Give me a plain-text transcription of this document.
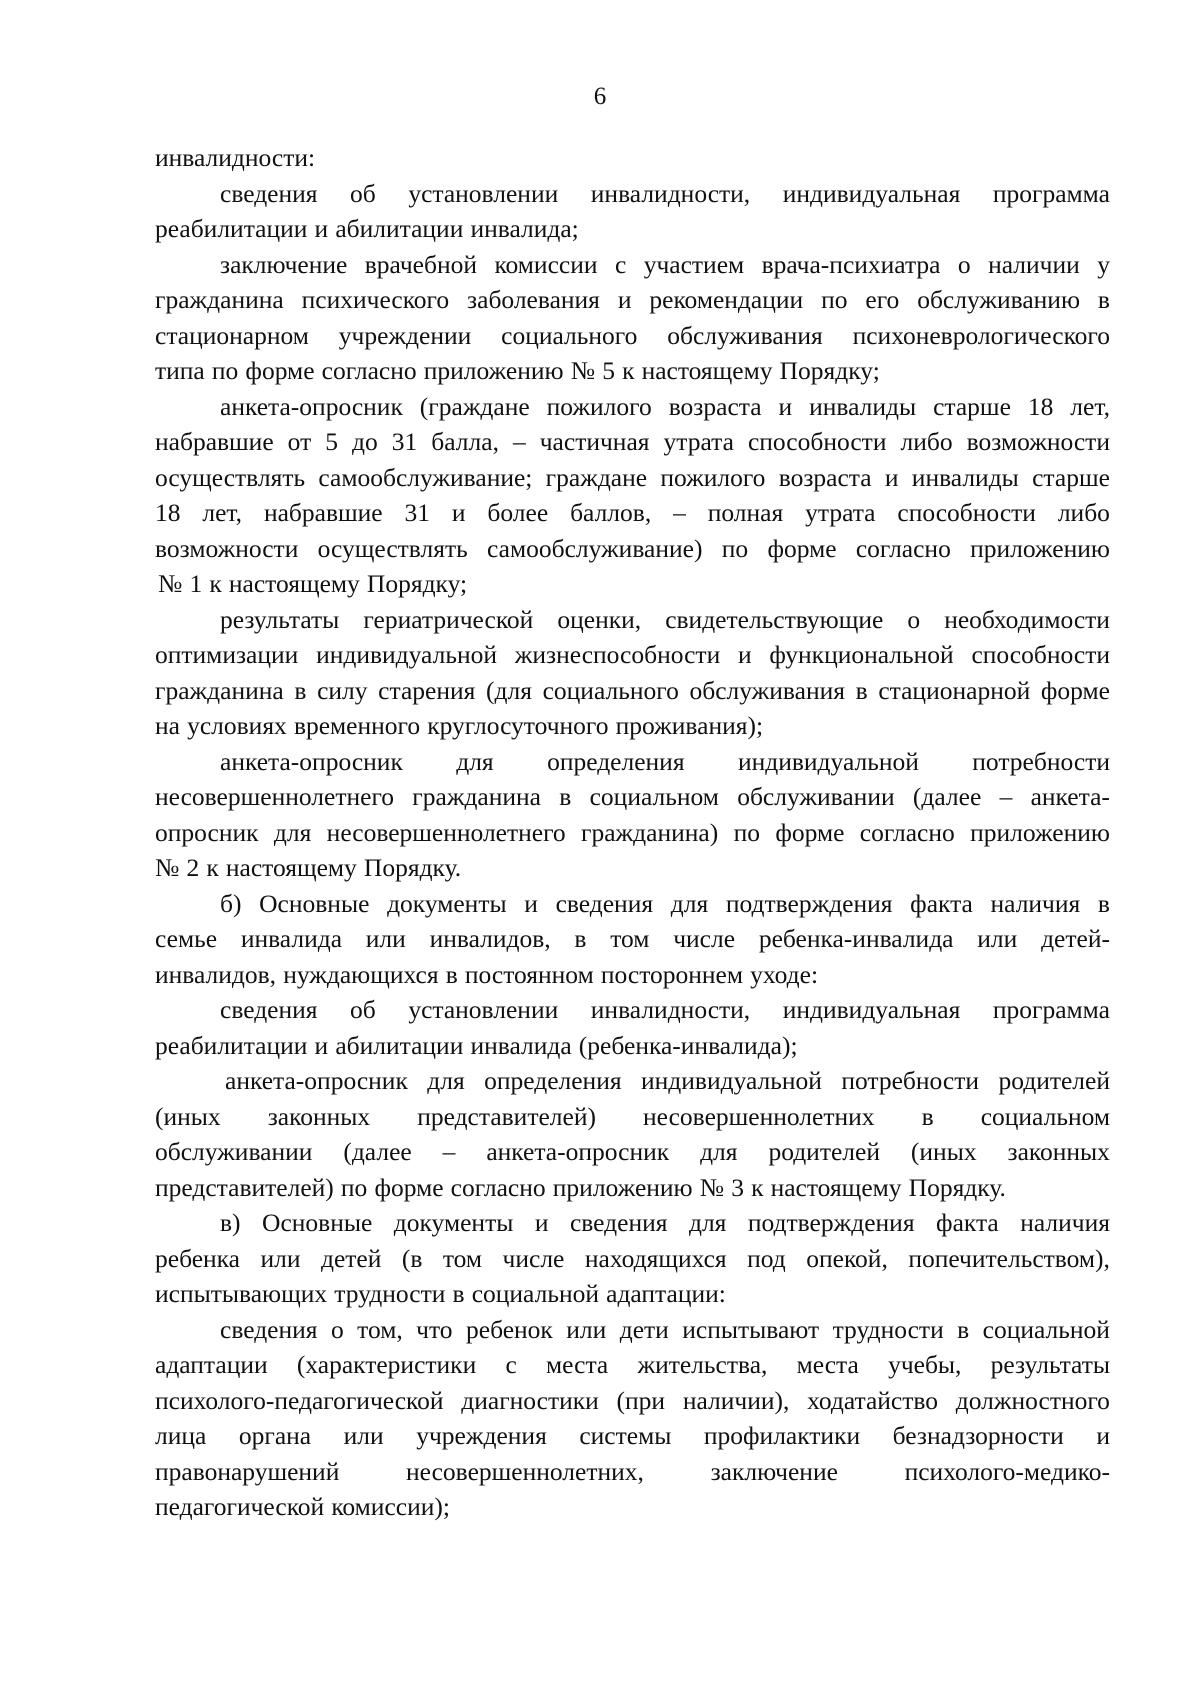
6
инвалидности:
сведения об установлении инвалидности, индивидуальная программа
реабилитации и абилитации инвалида;
заключение врачебной комиссии с участием врача-психиатра о наличии у
гражданина психического заболевания и рекомендации по его обслуживанию в
стационарном учреждении социального обслуживания психоневрологического
типа по форме согласно приложению № 5 к настоящему Порядку;
анкета-опросник (граждане пожилого возраста и инвалиды старше 18 лет,
набравшие от 5 до 31 балла, – частичная утрата способности либо возможности
осуществлять самообслуживание; граждане пожилого возраста и инвалиды старше
18 лет, набравшие 31 и более баллов, – полная утрата способности либо
возможности осуществлять самообслуживание) по форме согласно приложению
№ 1 к настоящему Порядку;
результаты гериатрической оценки, свидетельствующие о необходимости
оптимизации индивидуальной жизнеспособности и функциональной способности
гражданина в силу старения (для социального обслуживания в стационарной форме
на условиях временного круглосуточного проживания);
анкета-опросник для определения индивидуальной потребности
несовершеннолетнего гражданина в социальном обслуживании (далее – анкета-
опросник для несовершеннолетнего гражданина) по форме согласно приложению
№ 2 к настоящему Порядку.
б) Основные документы и сведения для подтверждения факта наличия в
семье инвалида или инвалидов, в том числе ребенка-инвалида или детей-
инвалидов, нуждающихся в постоянном постороннем уходе:
сведения об установлении инвалидности, индивидуальная программа
реабилитации и абилитации инвалида (ребенка-инвалида);
анкета-опросник для определения индивидуальной потребности родителей
(иных законных представителей) несовершеннолетних в социальном
обслуживании (далее – анкета-опросник для родителей (иных законных
представителей) по форме согласно приложению № 3 к настоящему Порядку.
в) Основные документы и сведения для подтверждения факта наличия
ребенка или детей (в том числе находящихся под опекой, попечительством),
испытывающих трудности в социальной адаптации:
сведения о том, что ребенок или дети испытывают трудности в социальной
адаптации (характеристики с места жительства, места учебы, результаты
психолого-педагогической диагностики (при наличии), ходатайство должностного
лица органа или учреждения системы профилактики безнадзорности и
правонарушений	несовершеннолетних,	заключение	психолого-медико-
педагогической комиссии);
